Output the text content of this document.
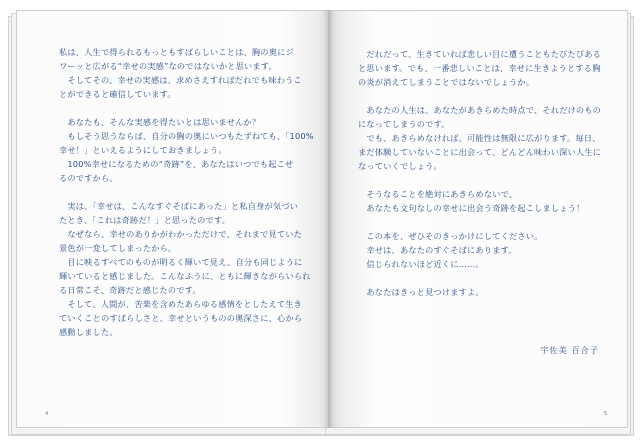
私は、人生で得られるもっともすばらしいことは、胸の奥にジ

ワーッと広がる“幸せの実感”なのではないかと思います。

　そしてその、幸せの実感は、求めさえすればだれでも味わうこ

とができると確信しています。

　あなたも、そんな実感を得たいとは思いませんか？

　もしそう思うならば、自分の胸の奥にいつもたずねても、「100%

幸せ！」といえるようにしておきましょう。

　100%幸せになるための“奇跡”を、あなたはいつでも起こせ

るのですから。

　実は、「幸せは、こんなすぐそばにあった」と私自身が気づい

たとき、「これは奇跡だ！」と思ったのです。

　なぜなら、幸せのありかがわかっただけで、それまで見ていた

景色が一変してしまったから。

　目に映るすべてのものが明るく輝いて見え、自分も同じように

輝いていると感じました。こんなふうに、ともに輝きながらいられ

る日常こそ、奇跡だと感じたのです。

　そして、人間が、苦楽を含めたあらゆる感情をとしたえて生き

ていくことのすばらしさと、幸せというものの奥深さに、心から

感動しました。

4

　だれだって、生きていれば悲しい目に遭うこともたびたびある

と思います。でも、一番悲しいことは、幸せに生きようとする胸

の炎が消えてしまうことではないでしょうか。

　あなたの人生は、あなたがあきらめた時点で、それだけのもの

になってしまうのです。

　でも、あきらめなければ、可能性は無限に広がります。毎日、

まだ体験していないことに出会って、どんどん味わい深い人生に

なっていくでしょう。

　そうなることを絶対にあきらめないで、

　あなたも文句なしの幸せに出会う奇跡を起こしましょう！

　この本を、ぜひそのきっかけにしてください。

　幸せは、あなたのすぐそばにあります。

　信じられないほど近くに……。

　あなたはきっと見つけますよ。

宇佐美 百合子
5
